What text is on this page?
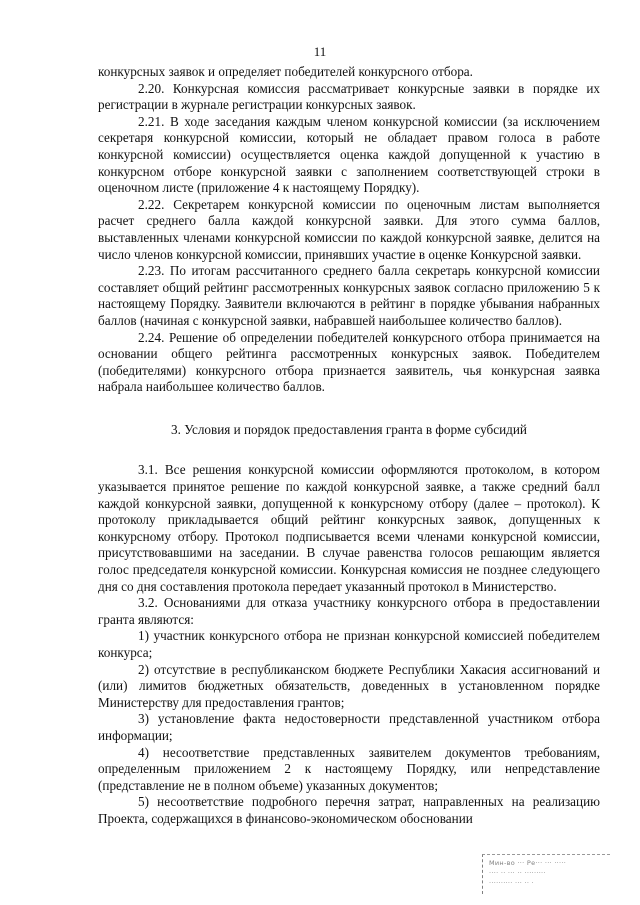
11

конкурсных заявок и определяет победителей конкурсного отбора.

2.20. Конкурсная комиссия рассматривает конкурсные заявки в порядке их регистрации в журнале регистрации конкурсных заявок.

2.21. В ходе заседания каждым членом конкурсной комиссии (за исключением секретаря конкурсной комиссии, который не обладает правом голоса в работе конкурсной комиссии) осуществляется оценка каждой допущенной к участию в конкурсном отборе конкурсной заявки с заполнением соответствующей строки в оценочном листе (приложение 4 к настоящему Порядку).

2.22. Секретарем конкурсной комиссии по оценочным листам выполняется расчет среднего балла каждой конкурсной заявки. Для этого сумма баллов, выставленных членами конкурсной комиссии по каждой конкурсной заявке, делится на число членов конкурсной комиссии, принявших участие в оценке Конкурсной заявки.

2.23. По итогам рассчитанного среднего балла секретарь конкурсной комиссии составляет общий рейтинг рассмотренных конкурсных заявок согласно приложению 5 к настоящему Порядку. Заявители включаются в рейтинг в порядке убывания набранных баллов (начиная с конкурсной заявки, набравшей наибольшее количество баллов).

2.24. Решение об определении победителей конкурсного отбора принимается на основании общего рейтинга рассмотренных конкурсных заявок. Победителем (победителями) конкурсного отбора признается заявитель, чья конкурсная заявка набрала наибольшее количество баллов.

3. Условия и порядок предоставления гранта в форме субсидий

3.1. Все решения конкурсной комиссии оформляются протоколом, в котором указывается принятое решение по каждой конкурсной заявке, а также средний балл каждой конкурсной заявки, допущенной к конкурсному отбору (далее – протокол). К протоколу прикладывается общий рейтинг конкурсных заявок, допущенных к конкурсному отбору. Протокол подписывается всеми членами конкурсной комиссии, присутствовавшими на заседании. В случае равенства голосов решающим является голос председателя конкурсной комиссии. Конкурсная комиссия не позднее следующего дня со дня составления протокола передает указанный протокол в Министерство.

3.2. Основаниями для отказа участнику конкурсного отбора в предоставлении гранта являются:

1) участник конкурсного отбора не признан конкурсной комиссией победителем конкурса;

2) отсутствие в республиканском бюджете Республики Хакасия ассигнований и (или) лимитов бюджетных обязательств, доведенных в установленном порядке Министерству для предоставления грантов;

3) установление факта недостоверности представленной участником отбора информации;

4) несоответствие представленных заявителем документов требованиям, определенным приложением 2 к настоящему Порядку, или непредставление (представление не в полном объеме) указанных документов;

5) несоответствие подробного перечня затрат, направленных на реализацию Проекта, содержащихся в финансово-экономическом обосновании

Мин-во ··· Ре··· ··· ·····
···· ·· ··· ·· ·········
·········· ··· ·· ·
